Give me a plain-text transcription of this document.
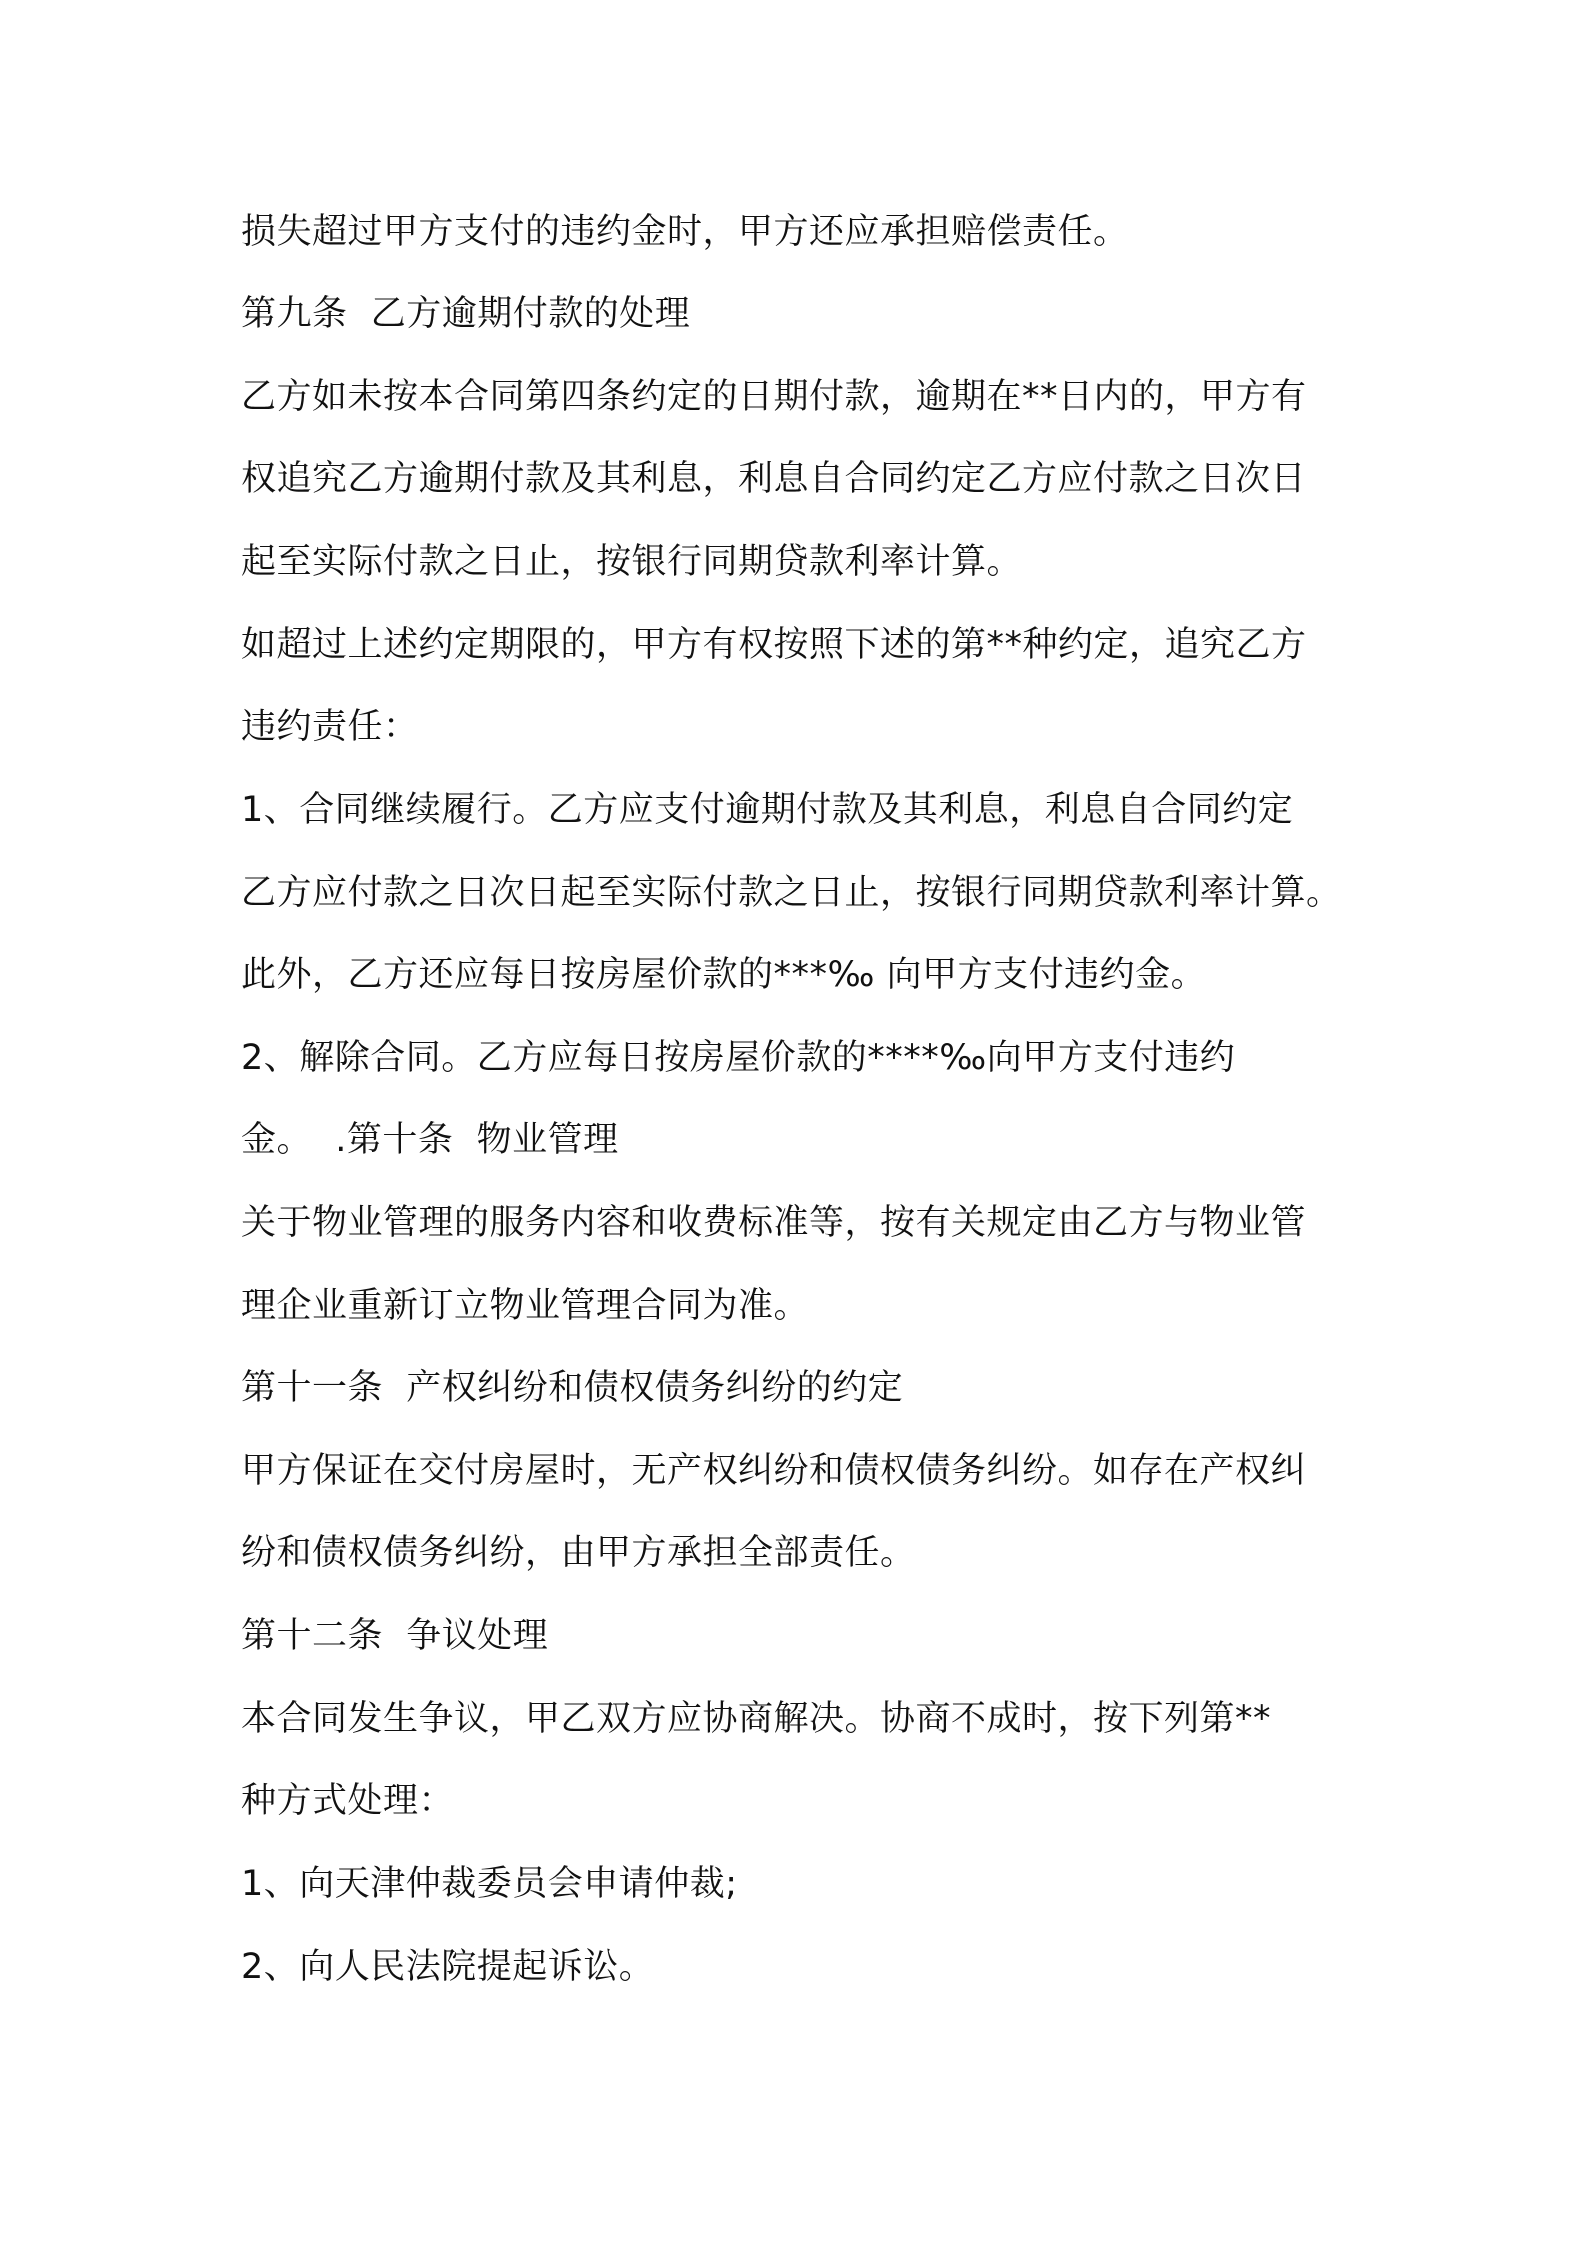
损失超过甲方支付的违约金时，甲方还应承担赔偿责任。
第九条  乙方逾期付款的处理
乙方如未按本合同第四条约定的日期付款，逾期在**日内的，甲方有
权追究乙方逾期付款及其利息，利息自合同约定乙方应付款之日次日
起至实际付款之日止，按银行同期贷款利率计算。
如超过上述约定期限的，甲方有权按照下述的第**种约定，追究乙方
违约责任：
1、合同继续履行。乙方应支付逾期付款及其利息，利息自合同约定
乙方应付款之日次日起至实际付款之日止，按银行同期贷款利率计算。
此外，乙方还应每日按房屋价款的***‰ 向甲方支付违约金。
2、解除合同。乙方应每日按房屋价款的****‰向甲方支付违约
金。  .第十条  物业管理
关于物业管理的服务内容和收费标准等，按有关规定由乙方与物业管
理企业重新订立物业管理合同为准。
第十一条  产权纠纷和债权债务纠纷的约定
甲方保证在交付房屋时，无产权纠纷和债权债务纠纷。如存在产权纠
纷和债权债务纠纷，由甲方承担全部责任。
第十二条  争议处理
本合同发生争议，甲乙双方应协商解决。协商不成时，按下列第**
种方式处理：
1、向天津仲裁委员会申请仲裁;
2、向人民法院提起诉讼。
